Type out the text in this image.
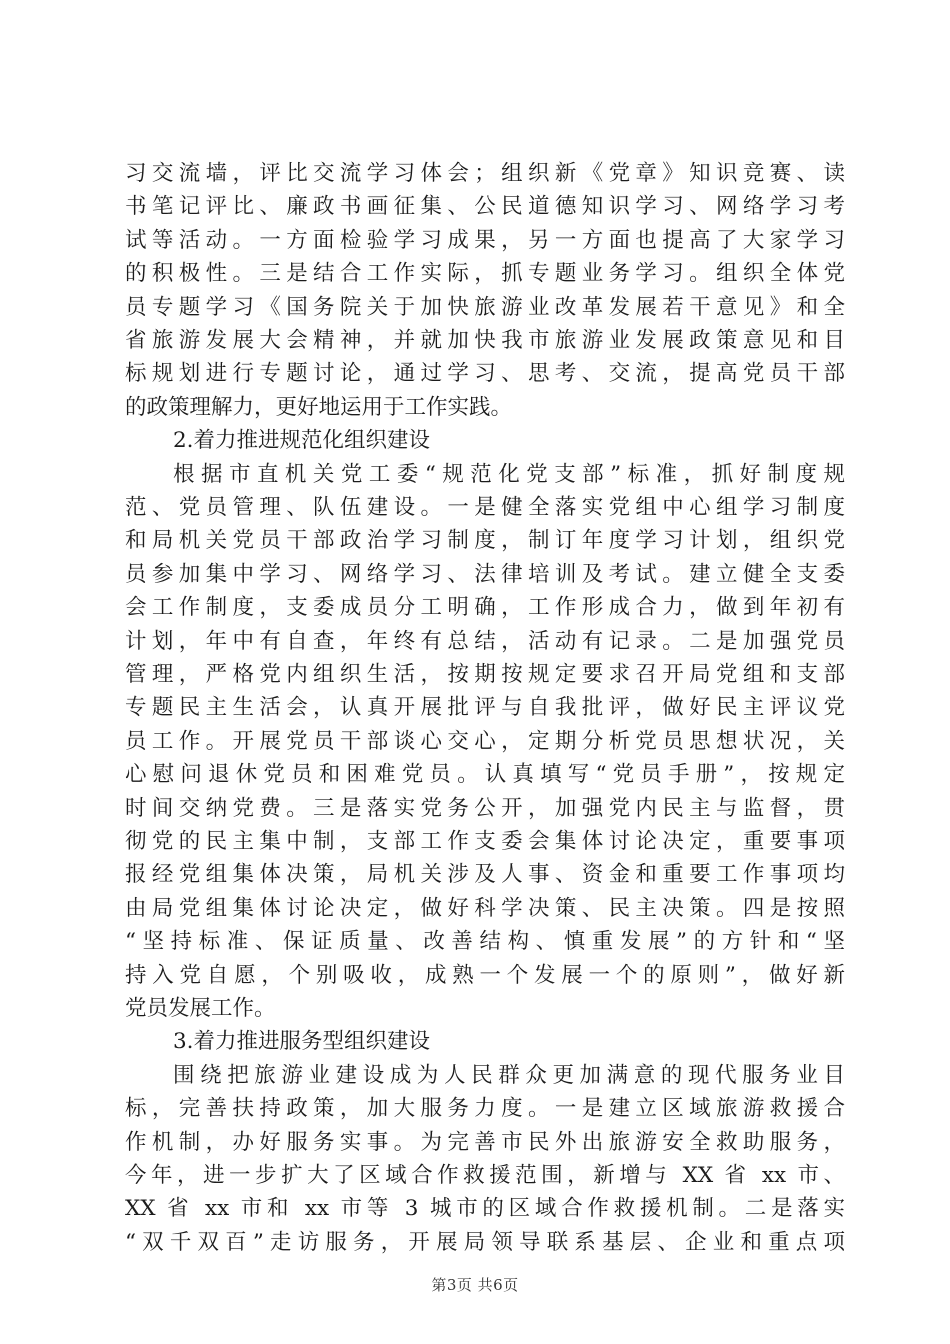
习交流墙，评比交流学习体会；组织新《党章》知识竞赛、读
书笔记评比、廉政书画征集、公民道德知识学习、网络学习考
试等活动。一方面检验学习成果，另一方面也提高了大家学习
的积极性。三是结合工作实际，抓专题业务学习。组织全体党
员专题学习《国务院关于加快旅游业改革发展若干意见》和全
省旅游发展大会精神，并就加快我市旅游业发展政策意见和目
标规划进行专题讨论，通过学习、思考、交流，提高党员干部
的政策理解力，更好地运用于工作实践。
2.着力推进规范化组织建设
根据市直机关党工委“规范化党支部”标准，抓好制度规
范、党员管理、队伍建设。一是健全落实党组中心组学习制度
和局机关党员干部政治学习制度，制订年度学习计划，组织党
员参加集中学习、网络学习、法律培训及考试。建立健全支委
会工作制度，支委成员分工明确，工作形成合力，做到年初有
计划，年中有自查，年终有总结，活动有记录。二是加强党员
管理，严格党内组织生活，按期按规定要求召开局党组和支部
专题民主生活会，认真开展批评与自我批评，做好民主评议党
员工作。开展党员干部谈心交心，定期分析党员思想状况，关
心慰问退休党员和困难党员。认真填写“党员手册”，按规定
时间交纳党费。三是落实党务公开，加强党内民主与监督，贯
彻党的民主集中制，支部工作支委会集体讨论决定，重要事项
报经党组集体决策，局机关涉及人事、资金和重要工作事项均
由局党组集体讨论决定，做好科学决策、民主决策。四是按照
“坚持标准、保证质量、改善结构、慎重发展”的方针和“坚
持入党自愿，个别吸收，成熟一个发展一个的原则”，做好新
党员发展工作。
3.着力推进服务型组织建设
围绕把旅游业建设成为人民群众更加满意的现代服务业目
标，完善扶持政策，加大服务力度。一是建立区域旅游救援合
作机制，办好服务实事。为完善市民外出旅游安全救助服务，
今年，进一步扩大了区域合作救援范围，新增与 XX 省 xx 市、
XX 省 xx 市和 xx 市等 3 城市的区域合作救援机制。二是落实
“双千双百”走访服务，开展局领导联系基层、企业和重点项
第3页 共6页
